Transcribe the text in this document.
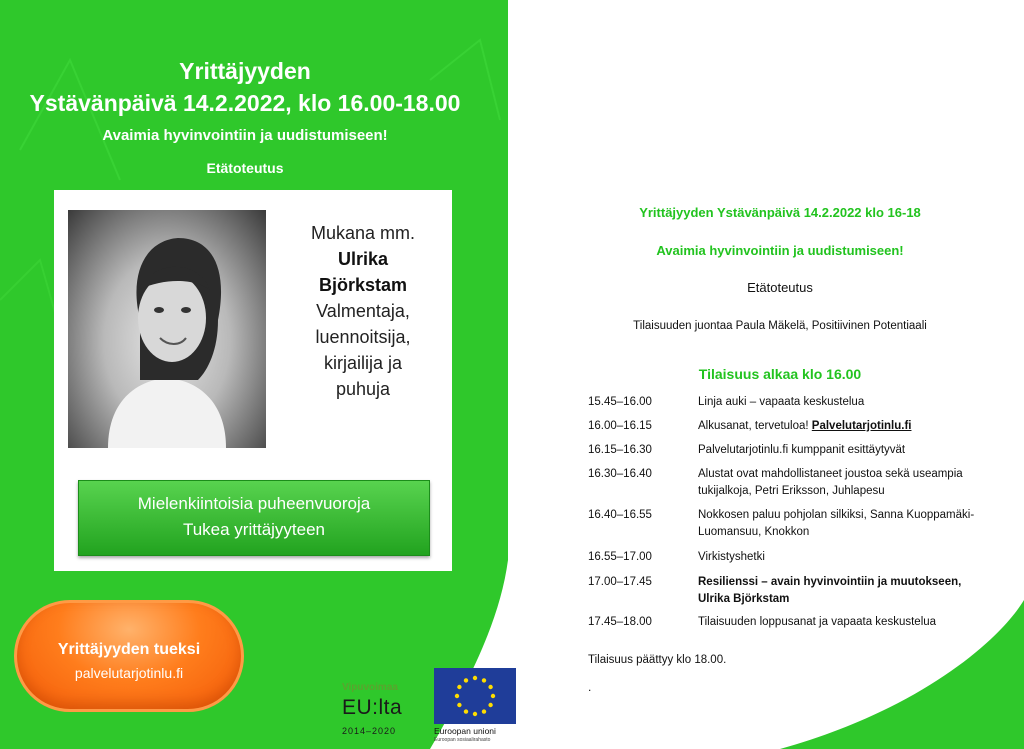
Yrittäjyyden
Ystävänpäivä 14.2.2022, klo 16.00-18.00
Avaimia hyvinvointiin ja uudistumiseen!
Etätoteutus
Mukana mm.
Ulrika
Björkstam
Valmentaja,
luennoitsija,
kirjailija ja
puhuja
Mielenkiintoisia puheenvuoroja
Tukea yrittäjyyteen
Yrittäjyyden tueksi
palvelutarjotinlu.fi
Vipuvoimaa
EU:lta
2014–2020	Euroopan unioni
Euroopan sosiaalirahasto
Yrittäjyyden Ystävänpäivä 14.2.2022 klo 16-18
Avaimia hyvinvointiin ja uudistumiseen!
Etätoteutus
Tilaisuuden juontaa Paula Mäkelä, Positiivinen Potentiaali
Tilaisuus alkaa klo 16.00
15.45–16.00	Linja auki – vapaata keskustelua
16.00–16.15	Alkusanat, tervetuloa! Palvelutarjotinlu.fi
16.15–16.30	Palvelutarjotinlu.fi kumppanit esittäytyvät
16.30–16.40	Alustat ovat mahdollistaneet joustoa sekä useampia tukijalkoja, Petri Eriksson, Juhlapesu
16.40–16.55	Nokkosen paluu pohjolan silkiksi, Sanna Kuoppamäki-Luomansuu, Knokkon
16.55–17.00	Virkistyshetki
17.00–17.45	Resilienssi – avain hyvinvointiin ja muutokseen, Ulrika Björkstam
17.45–18.00	Tilaisuuden loppusanat ja vapaata keskustelua
Tilaisuus päättyy klo 18.00.
.
